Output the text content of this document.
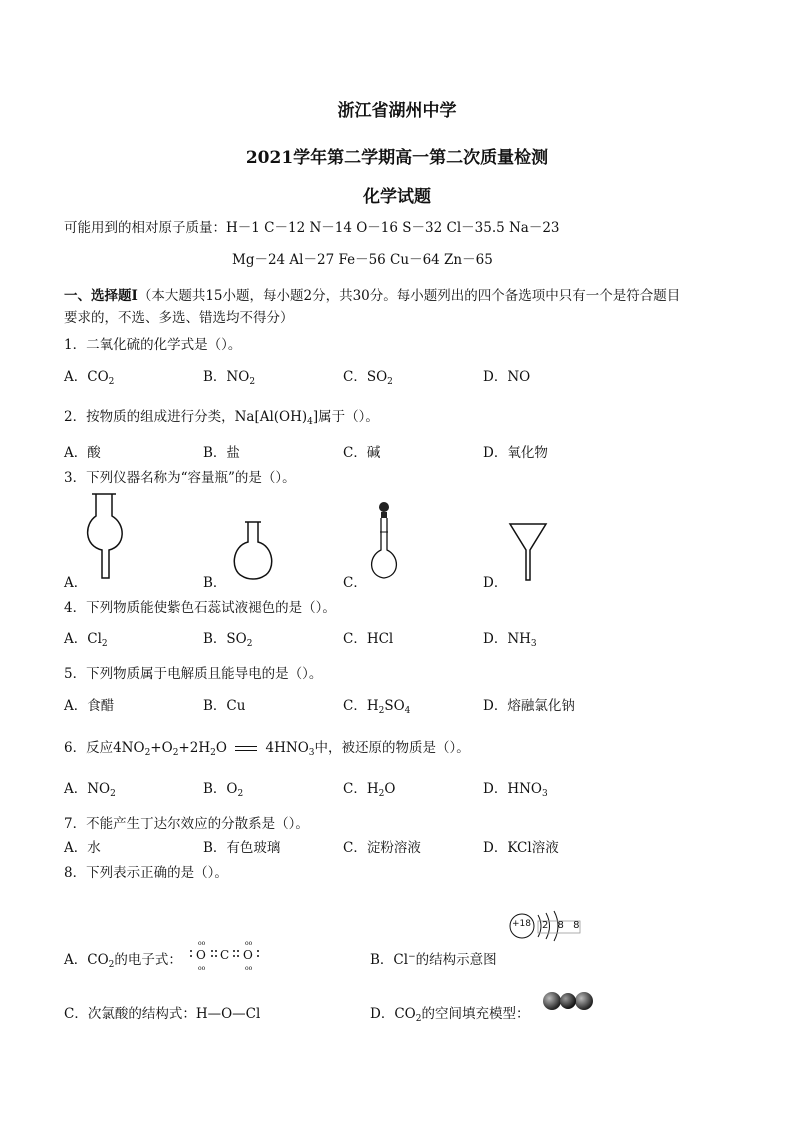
浙江省湖州中学
2021学年第二学期高一第二次质量检测
化学试题
可能用到的相对原子质量：H－1 C－12 N－14 O－16 S－32 Cl－35.5 Na－23
Mg－24 Al－27 Fe－56 Cu－64 Zn－65
一、选择题Ⅰ（本大题共15小题，每小题2分，共30分。每小题列出的四个备选项中只有一个是符合题目
要求的，不选、多选、错选均不得分）
1．二氧化硫的化学式是（）。
A．$CO_2$	B．$NO_2$	C．$SO_2$	D．NO
2．按物质的组成进行分类，$Na[Al(OH)_4]$属于（）。
A．酸	B．盐	C．碱	D．氧化物
3．下列仪器名称为“容量瓶”的是（）。
A．	B．	C．	D．
4．下列物质能使紫色石蕊试液褪色的是（）。
A．$Cl_2$	B．$SO_2$	C．HCl	D．$NH_3$
5．下列物质属于电解质且能导电的是（）。
A．食醋	B．Cu	C．$H_2SO_4$	D．熔融氯化钠
6．反应$4NO_2+O_2+2H_2O$	$4HNO_3$中，被还原的物质是（）。
A．$NO_2$	B．$O_2$	C．$H_2O$	D．$HNO_3$
7．不能产生丁达尔效应的分散系是（）。
A．水	B．有色玻璃	C．淀粉溶液	D．KCl溶液
8．下列表示正确的是（）。
A．$CO_2$的电子式： O
oo
oo
C O
oo
oo
B．Cl−的结构示意图
+18 2 8 8
C．次氯酸的结构式：H—O—Cl	D．$CO_2$的空间填充模型：
